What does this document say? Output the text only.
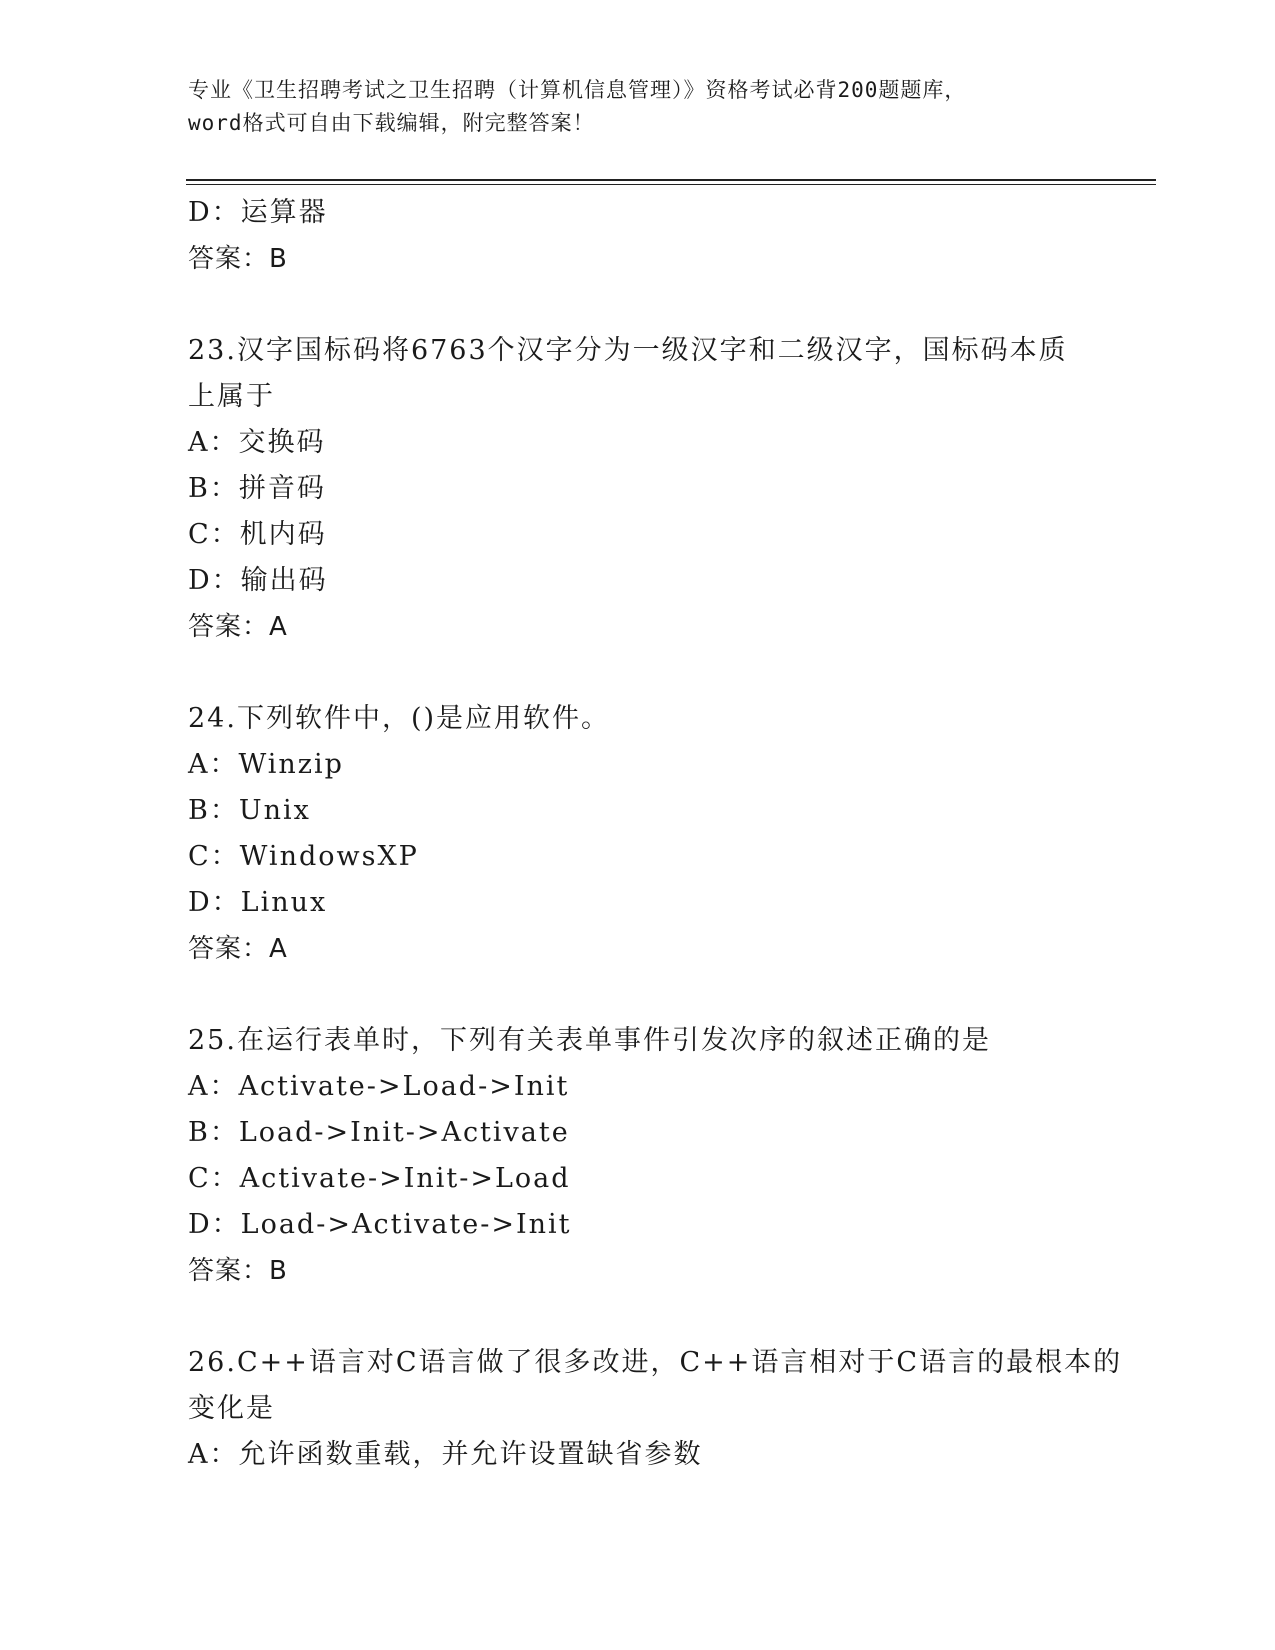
专业《卫生招聘考试之卫生招聘（计算机信息管理）》资格考试必背200题题库，
word格式可自由下载编辑，附完整答案！
D：运算器
答案：B
23.汉字国标码将6763个汉字分为一级汉字和二级汉字，国标码本质
上属于
A：交换码
B：拼音码
C：机内码
D：输出码
答案：A
24.下列软件中，()是应用软件。
A：Winzip
B：Unix
C：WindowsXP
D：Linux
答案：A
25.在运行表单时，下列有关表单事件引发次序的叙述正确的是
A：Activate->Load->Init
B：Load->Init->Activate
C：Activate->Init->Load
D：Load->Activate->Init
答案：B
26.C++语言对C语言做了很多改进，C++语言相对于C语言的最根本的
变化是
A：允许函数重载，并允许设置缺省参数
